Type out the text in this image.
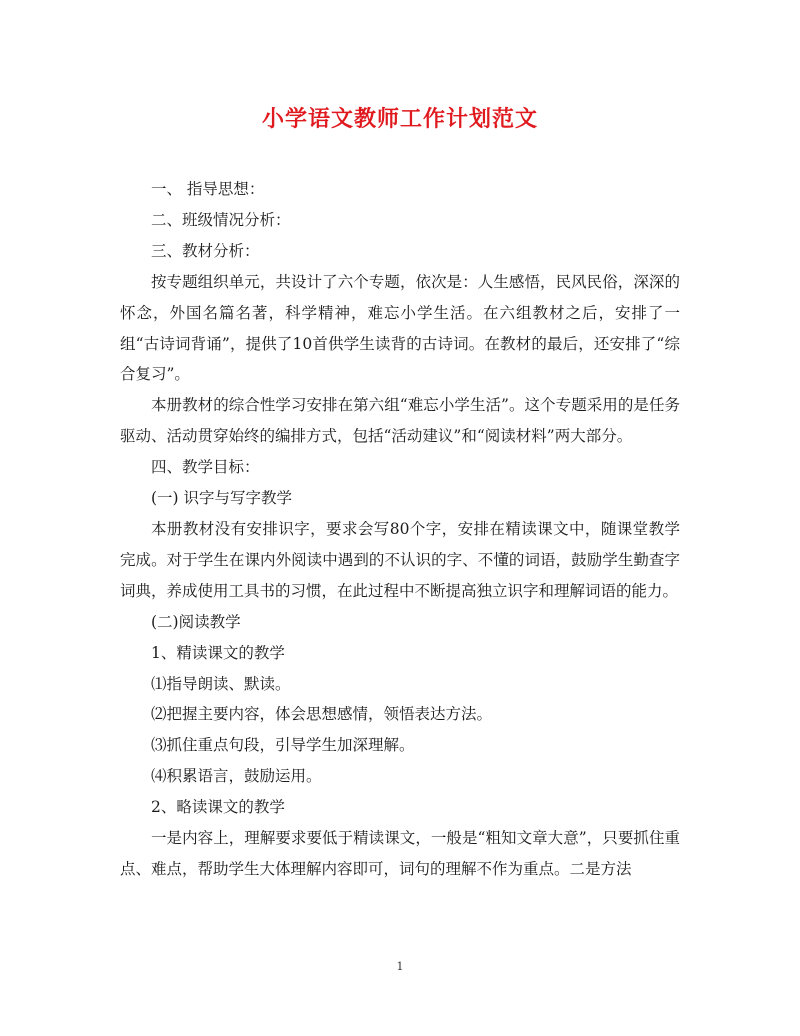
小学语文教师工作计划范文

一、 指导思想：

二、班级情况分析：

三、教材分析：

按专题组织单元，共设计了六个专题，依次是：人生感悟，民风民俗，深深的怀念，外国名篇名著，科学精神，难忘小学生活。在六组教材之后，安排了一组“古诗词背诵”，提供了10首供学生读背的古诗词。在教材的最后，还安排了“综合复习”。

本册教材的综合性学习安排在第六组“难忘小学生活”。这个专题采用的是任务驱动、活动贯穿始终的编排方式，包括“活动建议”和“阅读材料”两大部分。

四、教学目标：

(一) 识字与写字教学

本册教材没有安排识字，要求会写80个字，安排在精读课文中，随课堂教学完成。对于学生在课内外阅读中遇到的不认识的字、不懂的词语，鼓励学生勤查字词典，养成使用工具书的习惯，在此过程中不断提高独立识字和理解词语的能力。

(二)阅读教学

1、精读课文的教学

⑴指导朗读、默读。

⑵把握主要内容，体会思想感情，领悟表达方法。

⑶抓住重点句段，引导学生加深理解。

⑷积累语言，鼓励运用。

2、略读课文的教学

一是内容上，理解要求要低于精读课文，一般是“粗知文章大意”，只要抓住重点、难点，帮助学生大体理解内容即可，词句的理解不作为重点。二是方法

1
